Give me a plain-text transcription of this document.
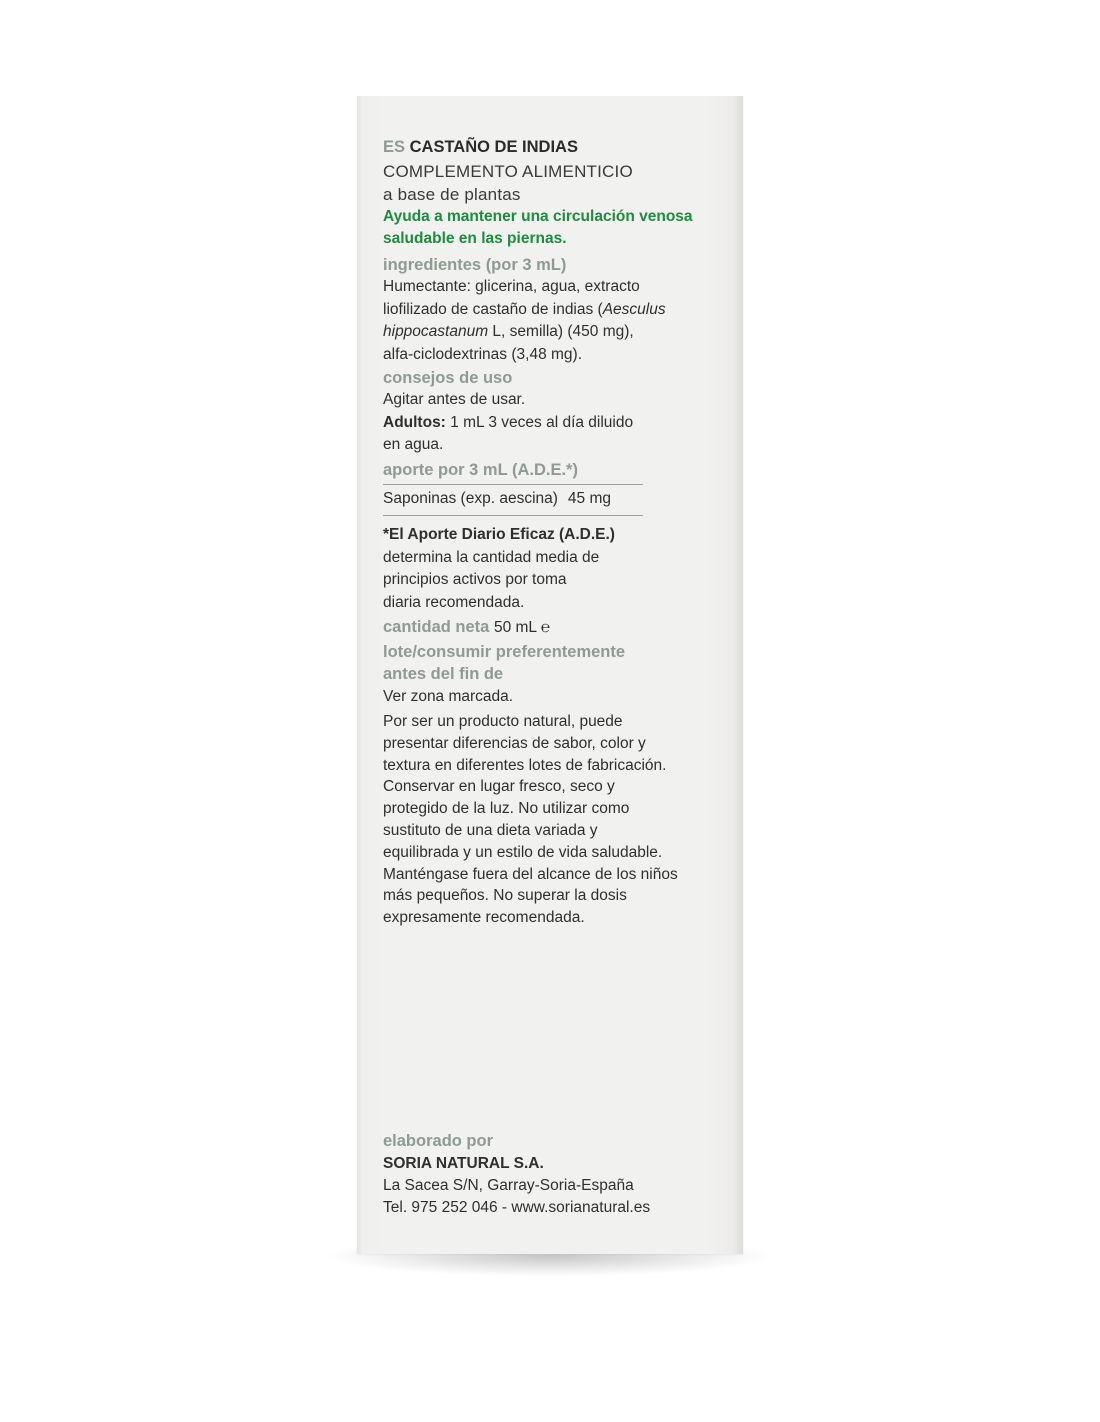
ES CASTAÑO DE INDIAS
COMPLEMENTO ALIMENTICIO
a base de plantas
Ayuda a mantener una circulación venosa
saludable en las piernas.
ingredientes (por 3 mL)
Humectante: glicerina, agua, extracto
liofilizado de castaño de indias (Aesculus
hippocastanum L, semilla) (450 mg),
alfa-ciclodextrinas (3,48 mg).
consejos de uso
Agitar antes de usar.
Adultos: 1 mL 3 veces al día diluido
en agua.
aporte por 3 mL (A.D.E.*)
Saponinas (exp. aescina) 45 mg
*El Aporte Diario Eficaz (A.D.E.)
determina la cantidad media de
principios activos por toma
diaria recomendada.
cantidad neta 50 mL ℮
lote/consumir preferentemente
antes del fin de
Ver zona marcada.
Por ser un producto natural, puede
presentar diferencias de sabor, color y
textura en diferentes lotes de fabricación.
Conservar en lugar fresco, seco y
protegido de la luz. No utilizar como
sustituto de una dieta variada y
equilibrada y un estilo de vida saludable.
Manténgase fuera del alcance de los niños
más pequeños. No superar la dosis
expresamente recomendada.
elaborado por
SORIA NATURAL S.A.
La Sacea S/N, Garray-Soria-España
Tel. 975 252 046 - www.sorianatural.es
